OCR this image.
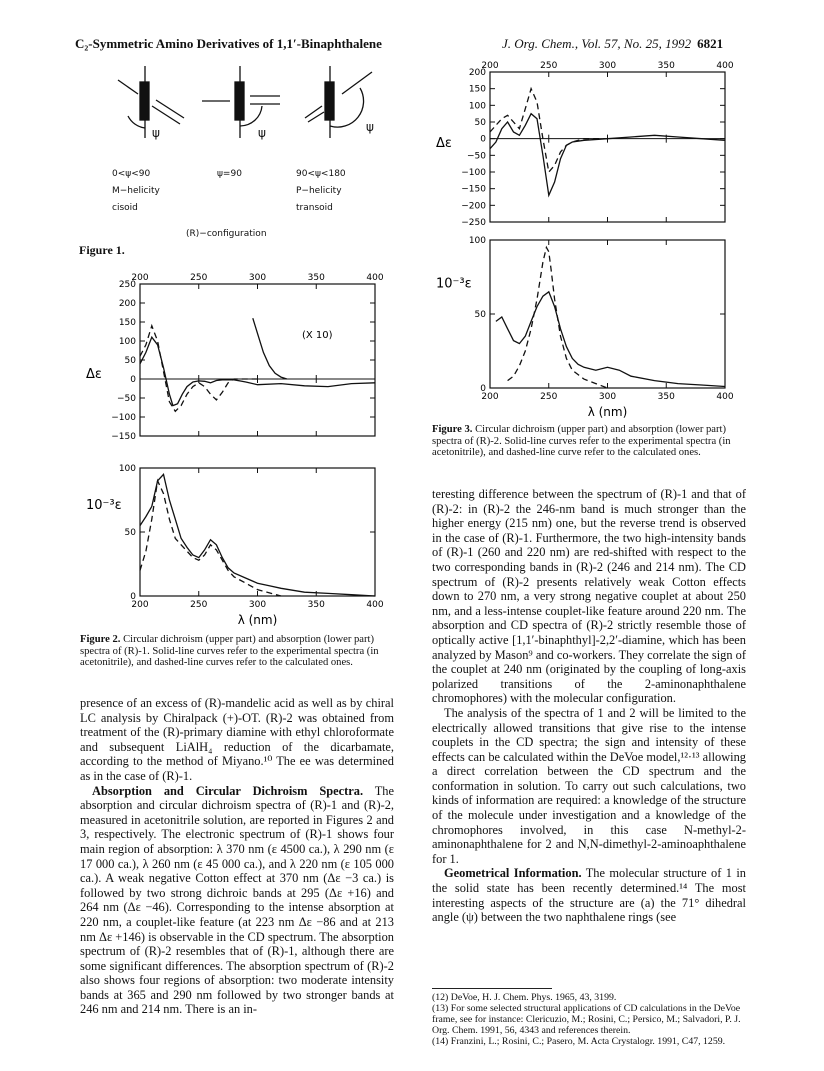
C₂-Symmetric Amino Derivatives of 1,1′-Binaphthalene	J. Org. Chem., Vol. 57, No. 25, 1992 6821
ψ	ψ	ψ
0<ψ<90
M−helicity
cisoid
ψ=90	90<ψ<180
P−helicity
transoid
(R)−configuration
Figure 1.
200	250	300	350	400
250
200
150
100
50
0
−50
−100
−150
Δε
(X 10)
200	250	300	350	400
100
50
0
10⁻³ε
λ (nm)
Figure 2. Circular dichroism (upper part) and absorption (lower part) spectra of (R)-1. Solid-line curves refer to the experimental spectra (in acetonitrile), and dashed-line curves refer to the calculated ones.
200	250	300	350	400
200
150
100
50
0
−50
−100
−150
−200
−250
Δε
200	250	300	350	400
100
50
0
10⁻³ε
λ (nm)
Figure 3. Circular dichroism (upper part) and absorption (lower part) spectra of (R)-2. Solid-line curves refer to the experimental spectra (in acetonitrile), and dashed-line curve refer to the calculated ones.

presence of an excess of (R)-mandelic acid as well as by chiral LC analysis by Chiralpack (+)-OT. (R)-2 was obtained from treatment of the (R)-primary diamine with ethyl chloroformate and subsequent LiAlH₄ reduction of the dicarbamate, according to the method of Miyano.¹⁰ The ee was determined as in the case of (R)-1.

Absorption and Circular Dichroism Spectra. The absorption and circular dichroism spectra of (R)-1 and (R)-2, measured in acetonitrile solution, are reported in Figures 2 and 3, respectively. The electronic spectrum of (R)-1 shows four main region of absorption: λ 370 nm (ε 4500 ca.), λ 290 nm (ε 17 000 ca.), λ 260 nm (ε 45 000 ca.), and λ 220 nm (ε 105 000 ca.). A weak negative Cotton effect at 370 nm (Δε −3 ca.) is followed by two strong dichroic bands at 295 (Δε +16) and 264 nm (Δε −46). Corresponding to the intense absorption at 220 nm, a couplet-like feature (at 223 nm Δε −86 and at 213 nm Δε +146) is observable in the CD spectrum. The absorption spectrum of (R)-2 resembles that of (R)-1, although there are some significant differences. The absorption spectrum of (R)-2 also shows four regions of absorption: two moderate intensity bands at 365 and 290 nm followed by two stronger bands at 246 nm and 214 nm. There is an in-

teresting difference between the spectrum of (R)-1 and that of (R)-2: in (R)-2 the 246-nm band is much stronger than the higher energy (215 nm) one, but the reverse trend is observed in the case of (R)-1. Furthermore, the two high-intensity bands of (R)-1 (260 and 220 nm) are red-shifted with respect to the two corresponding bands in (R)-2 (246 and 214 nm). The CD spectrum of (R)-2 presents relatively weak Cotton effects down to 270 nm, a very strong negative couplet at about 250 nm, and a less-intense couplet-like feature around 220 nm. The absorption and CD spectra of (R)-2 strictly resemble those of optically active [1,1′-binaphthyl]-2,2′-diamine, which has been analyzed by Mason⁹ and co-workers. They correlate the sign of the couplet at 240 nm (originated by the coupling of long-axis polarized transitions of the 2-aminonaphthalene chromophores) with the molecular configuration.

The analysis of the spectra of 1 and 2 will be limited to the electrically allowed transitions that give rise to the intense couplets in the CD spectra; the sign and intensity of these effects can be calculated within the DeVoe model,¹²·¹³ allowing a direct correlation between the CD spectrum and the conformation in solution. To carry out such calculations, two kinds of information are required: a knowledge of the structure of the molecule under investigation and a knowledge of the chromophores involved, in this case N-methyl-2-aminonaphthalene for 2 and N,N-dimethyl-2-aminoaphthalene for 1.

Geometrical Information. The molecular structure of 1 in the solid state has been recently determined.¹⁴ The most interesting aspects of the structure are (a) the 71° dihedral angle (ψ) between the two naphthalene rings (see

(12) DeVoe, H. J. Chem. Phys. 1965, 43, 3199.
(13) For some selected structural applications of CD calculations in the DeVoe frame, see for instance: Clericuzio, M.; Rosini, C.; Persico, M.; Salvadori, P. J. Org. Chem. 1991, 56, 4343 and references therein.
(14) Franzini, L.; Rosini, C.; Pasero, M. Acta Crystalogr. 1991, C47, 1259.
